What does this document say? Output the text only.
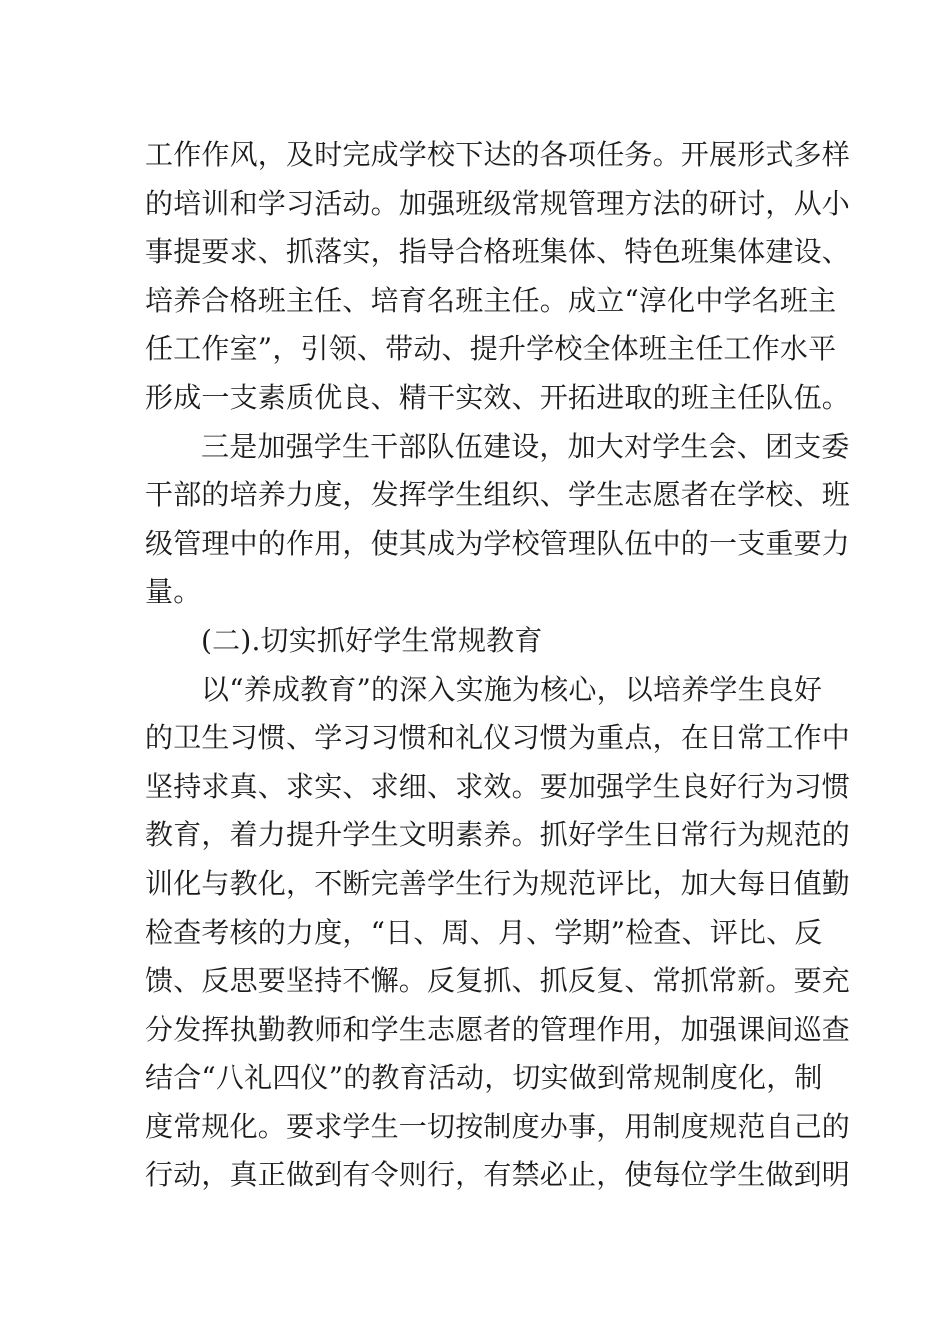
工作作风，及时完成学校下达的各项任务。开展形式多样
的培训和学习活动。加强班级常规管理方法的研讨，从小
事提要求、抓落实，指导合格班集体、特色班集体建设、
培养合格班主任、培育名班主任。成立“淳化中学名班主
任工作室”，引领、带动、提升学校全体班主任工作水平
形成一支素质优良、精干实效、开拓进取的班主任队伍。
三是加强学生干部队伍建设，加大对学生会、团支委
干部的培养力度，发挥学生组织、学生志愿者在学校、班
级管理中的作用，使其成为学校管理队伍中的一支重要力
量。
(二).切实抓好学生常规教育
以“养成教育”的深入实施为核心，以培养学生良好
的卫生习惯、学习习惯和礼仪习惯为重点，在日常工作中
坚持求真、求实、求细、求效。要加强学生良好行为习惯
教育，着力提升学生文明素养。抓好学生日常行为规范的
训化与教化，不断完善学生行为规范评比，加大每日值勤
检查考核的力度，“日、周、月、学期”检查、评比、反
馈、反思要坚持不懈。反复抓、抓反复、常抓常新。要充
分发挥执勤教师和学生志愿者的管理作用，加强课间巡查
结合“八礼四仪”的教育活动，切实做到常规制度化，制
度常规化。要求学生一切按制度办事，用制度规范自己的
行动，真正做到有令则行，有禁必止，使每位学生做到明
